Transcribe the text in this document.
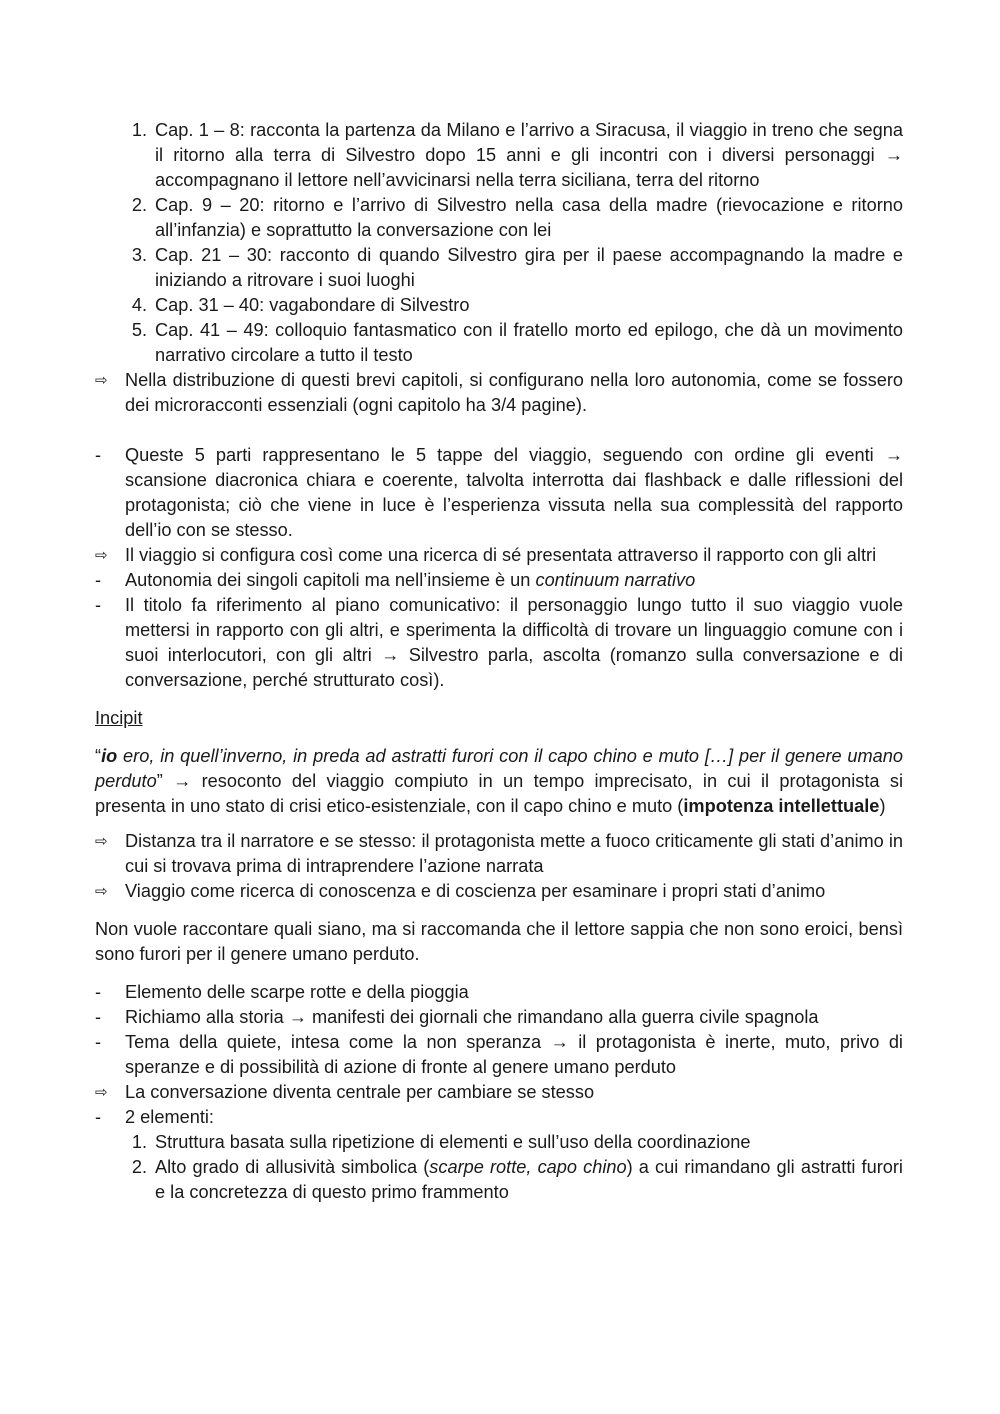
1. Cap. 1 – 8: racconta la partenza da Milano e l’arrivo a Siracusa, il viaggio in treno che segna il ritorno alla terra di Silvestro dopo 15 anni e gli incontri con i diversi personaggi → accompagnano il lettore nell’avvicinarsi nella terra siciliana, terra del ritorno
2. Cap. 9 – 20: ritorno e l’arrivo di Silvestro nella casa della madre (rievocazione e ritorno all’infanzia) e soprattutto la conversazione con lei
3. Cap. 21 – 30: racconto di quando Silvestro gira per il paese accompagnando la madre e iniziando a ritrovare i suoi luoghi
4. Cap. 31 – 40: vagabondare di Silvestro
5. Cap. 41 – 49: colloquio fantasmatico con il fratello morto ed epilogo, che dà un movimento narrativo circolare a tutto il testo
⇨ Nella distribuzione di questi brevi capitoli, si configurano nella loro autonomia, come se fossero dei microracconti essenziali (ogni capitolo ha 3/4 pagine).
-	Queste 5 parti rappresentano le 5 tappe del viaggio, seguendo con ordine gli eventi → scansione diacronica chiara e coerente, talvolta interrotta dai flashback e dalle riflessioni del protagonista; ciò che viene in luce è l’esperienza vissuta nella sua complessità del rapporto dell’io con se stesso.
⇨ Il viaggio si configura così come una ricerca di sé presentata attraverso il rapporto con gli altri
-	Autonomia dei singoli capitoli ma nell’insieme è un continuum narrativo
-	Il titolo fa riferimento al piano comunicativo: il personaggio lungo tutto il suo viaggio vuole mettersi in rapporto con gli altri, e sperimenta la difficoltà di trovare un linguaggio comune con i suoi interlocutori, con gli altri → Silvestro parla, ascolta (romanzo sulla conversazione e di conversazione, perché strutturato così).
Incipit
“io ero, in quell’inverno, in preda ad astratti furori con il capo chino e muto […] per il genere umano perduto” → resoconto del viaggio compiuto in un tempo imprecisato, in cui il protagonista si presenta in uno stato di crisi etico-esistenziale, con il capo chino e muto (impotenza intellettuale)
⇨ Distanza tra il narratore e se stesso: il protagonista mette a fuoco criticamente gli stati d’animo in cui si trovava prima di intraprendere l’azione narrata
⇨ Viaggio come ricerca di conoscenza e di coscienza per esaminare i propri stati d’animo
Non vuole raccontare quali siano, ma si raccomanda che il lettore sappia che non sono eroici, bensì sono furori per il genere umano perduto.
-	Elemento delle scarpe rotte e della pioggia
-	Richiamo alla storia → manifesti dei giornali che rimandano alla guerra civile spagnola
-	Tema della quiete, intesa come la non speranza → il protagonista è inerte, muto, privo di speranze e di possibilità di azione di fronte al genere umano perduto
⇨ La conversazione diventa centrale per cambiare se stesso
-	2 elementi:
1. Struttura basata sulla ripetizione di elementi e sull’uso della coordinazione
2. Alto grado di allusività simbolica (scarpe rotte, capo chino) a cui rimandano gli astratti furori e la concretezza di questo primo frammento
